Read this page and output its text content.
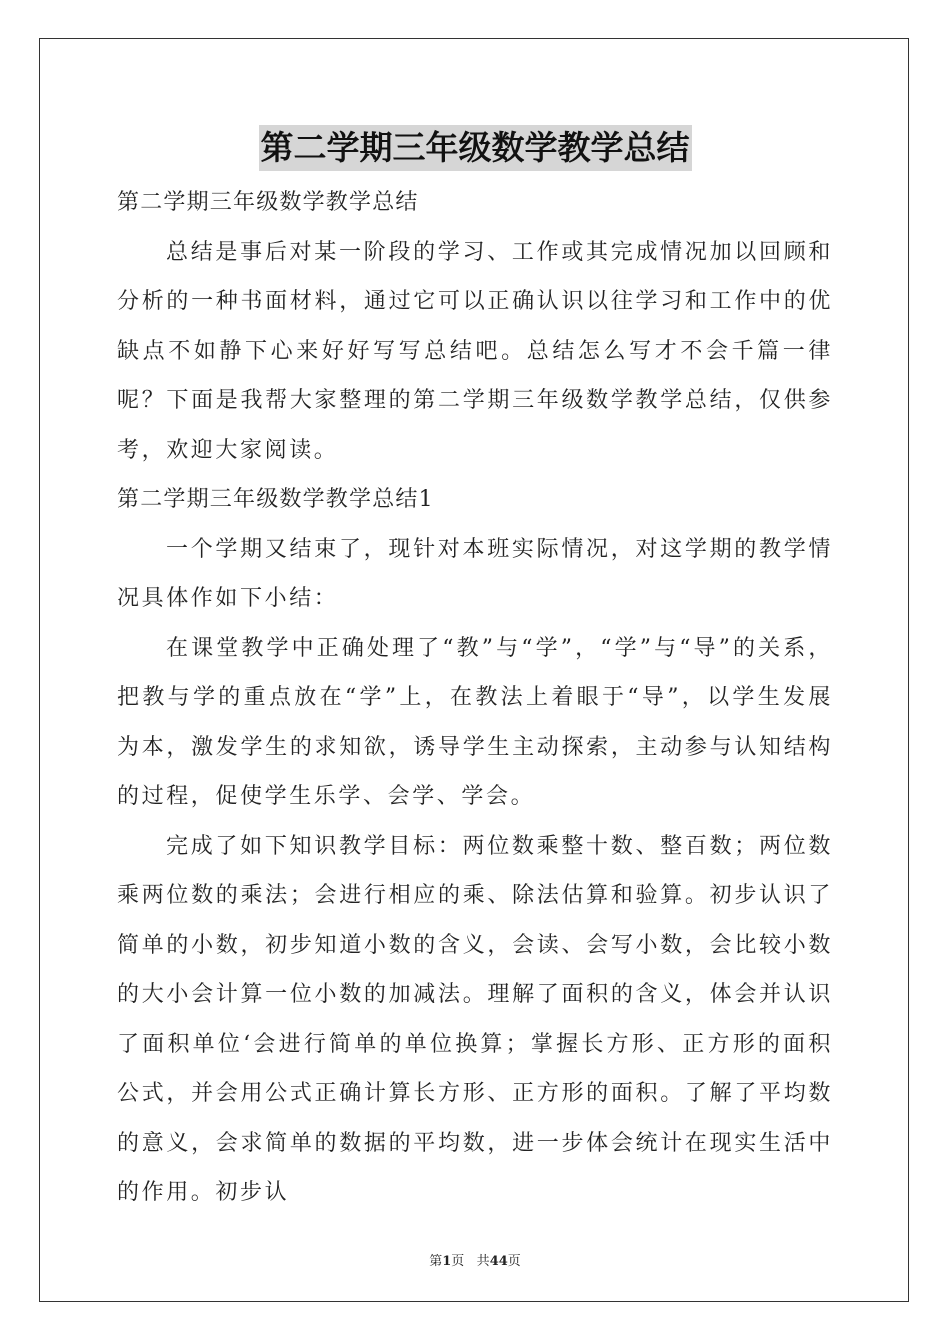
第二学期三年级数学教学总结

第二学期三年级数学教学总结

总结是事后对某一阶段的学习、工作或其完成情况加以回顾和分析的一种书面材料，通过它可以正确认识以往学习和工作中的优缺点不如静下心来好好写写总结吧。总结怎么写才不会千篇一律呢？下面是我帮大家整理的第二学期三年级数学教学总结，仅供参考，欢迎大家阅读。

第二学期三年级数学教学总结1

一个学期又结束了，现针对本班实际情况，对这学期的教学情况具体作如下小结：

在课堂教学中正确处理了“教”与“学”，“学”与“导”的关系，把教与学的重点放在“学”上，在教法上着眼于“导”，以学生发展为本，激发学生的求知欲，诱导学生主动探索，主动参与认知结构的过程，促使学生乐学、会学、学会。

完成了如下知识教学目标：两位数乘整十数、整百数；两位数乘两位数的乘法；会进行相应的乘、除法估算和验算。初步认识了简单的小数，初步知道小数的含义，会读、会写小数，会比较小数的大小会计算一位小数的加减法。理解了面积的含义，体会并认识了面积单位‘会进行简单的单位换算；掌握长方形、正方形的面积公式，并会用公式正确计算长方形、正方形的面积。了解了平均数的意义，会求简单的数据的平均数，进一步体会统计在现实生活中的作用。初步认

第1页 共44页
